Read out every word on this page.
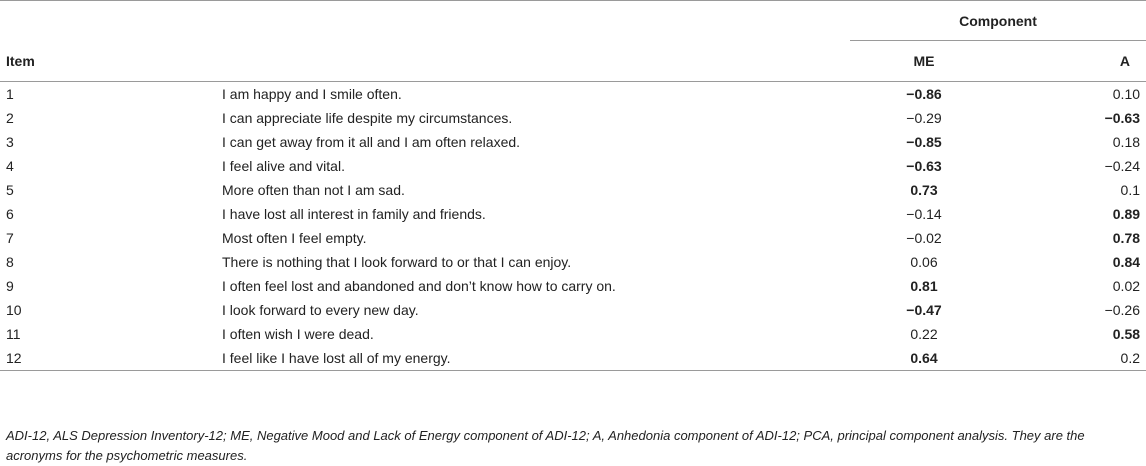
		Component	

Item		ME	A
1	I am happy and I smile often.	−0.86	0.10
2	I can appreciate life despite my circumstances.	−0.29	−0.63
3	I can get away from it all and I am often relaxed.	−0.85	0.18
4	I feel alive and vital.	−0.63	−0.24
5	More often than not I am sad.	0.73	0.1
6	I have lost all interest in family and friends.	−0.14	0.89
7	Most often I feel empty.	−0.02	0.78
8	There is nothing that I look forward to or that I can enjoy.	0.06	0.84
9	I often feel lost and abandoned and don’t know how to carry on.	0.81	0.02
10	I look forward to every new day.	−0.47	−0.26
11	I often wish I were dead.	0.22	0.58
12	I feel like I have lost all of my energy.	0.64	0.2

ADI-12, ALS Depression Inventory-12; ME, Negative Mood and Lack of Energy component of ADI-12; A, Anhedonia component of ADI-12; PCA, principal component analysis. They are the acronyms for the psychometric measures.
